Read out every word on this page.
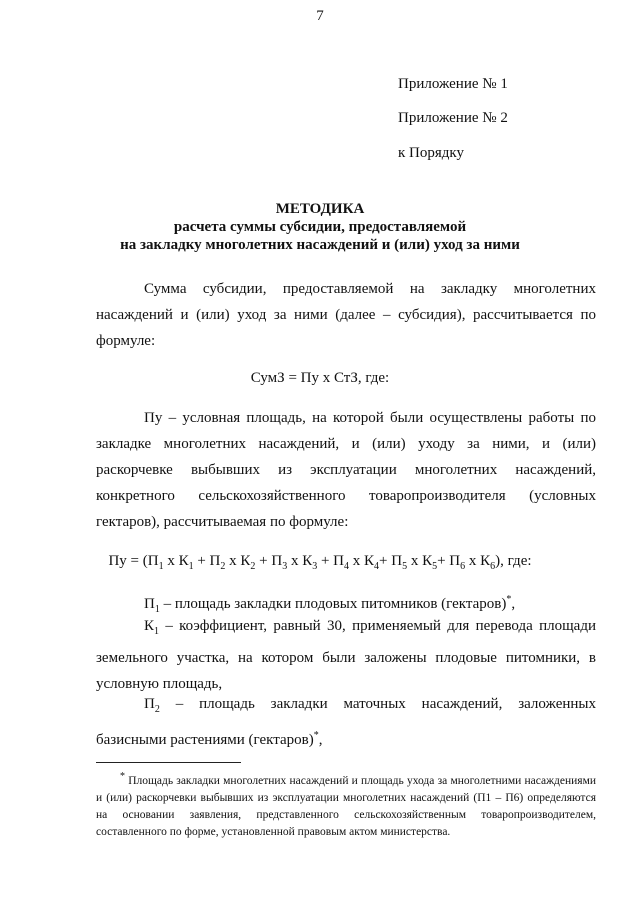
7
Приложение № 1
Приложение № 2
к Порядку
МЕТОДИКА
расчета суммы субсидии, предоставляемой
на закладку многолетних насаждений и (или) уход за ними
Сумма субсидии, предоставляемой на закладку многолетних насаждений и (или) уход за ними (далее – субсидия), рассчитывается по формуле:
СумЗ = Пу х СтЗ, где:
Пу – условная площадь, на которой были осуществлены работы по закладке многолетних насаждений, и (или) уходу за ними, и (или) раскорчевке выбывших из эксплуатации многолетних насаждений, конкретного сельскохозяйственного товаропроизводителя (условных гектаров), рассчитываемая по формуле:
Пу = ($П_1$ х $К_1 + П_2$ х $К_2 + П_3$ х $К_3 + П_4$ х $К_4+ П_5$ х $К_5+ П_6$ х $К_6$), где:
$П_1$ – площадь закладки плодовых питомников (гектаров)*,
$К_1$ – коэффициент, равный 30, применяемый для перевода площади земельного участка, на котором были заложены плодовые питомники, в условную площадь,
$П_2$ – площадь закладки маточных насаждений, заложенных базисными растениями (гектаров)*,
* Площадь закладки многолетних насаждений и площадь ухода за многолетними насаждениями и (или) раскорчевки выбывших из эксплуатации многолетних насаждений (П1 – П6) определяются на основании заявления, представленного сельскохозяйственным товаропроизводителем, составленного по форме, установленной правовым актом министерства.
